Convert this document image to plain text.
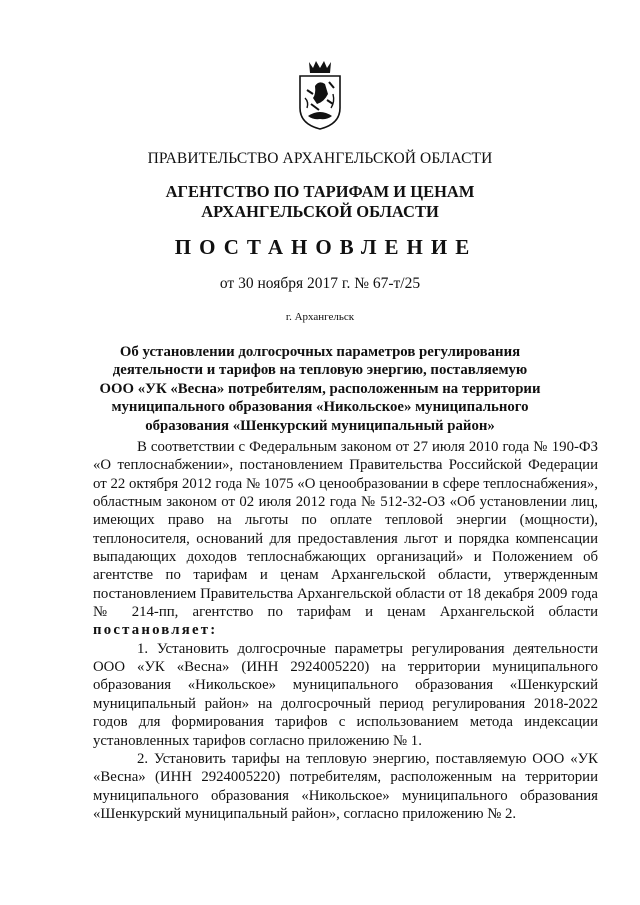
ПРАВИТЕЛЬСТВО АРХАНГЕЛЬСКОЙ ОБЛАСТИ
АГЕНТСТВО ПО ТАРИФАМ И ЦЕНАМ
АРХАНГЕЛЬСКОЙ ОБЛАСТИ
ПОСТАНОВЛЕНИЕ
от 30 ноября 2017 г. № 67-т/25
г. Архангельск
Об установлении долгосрочных параметров регулирования
деятельности и тарифов на тепловую энергию, поставляемую
ООО «УК «Весна» потребителям, расположенным на территории
муниципального образования «Никольское» муниципального
образования «Шенкурский муниципальный район»

В соответствии с Федеральным законом от 27 июля 2010 года № 190-ФЗ «О теплоснабжении», постановлением Правительства Российской Федерации от 22 октября 2012 года № 1075 «О ценообразовании в сфере теплоснабжения», областным законом от 02 июля 2012 года № 512-32-ОЗ «Об установлении лиц, имеющих право на льготы по оплате тепловой энергии (мощности), теплоносителя, оснований для предоставления льгот и порядка компенсации выпадающих доходов теплоснабжающих организаций» и Положением об агентстве по тарифам и ценам Архангельской области, утвержденным постановлением Правительства Архангельской области от 18 декабря 2009 года № 214-пп, агентство по тарифам и ценам Архангельской области постановляет:

1. Установить долгосрочные параметры регулирования деятельности ООО «УК «Весна» (ИНН 2924005220) на территории муниципального образования «Никольское» муниципального образования «Шенкурский муниципальный район» на долгосрочный период регулирования 2018-2022 годов для формирования тарифов с использованием метода индексации установленных тарифов согласно приложению № 1.

2. Установить тарифы на тепловую энергию, поставляемую ООО «УК «Весна» (ИНН 2924005220) потребителям, расположенным на территории муниципального образования «Никольское» муниципального образования «Шенкурский муниципальный район», согласно приложению № 2.
